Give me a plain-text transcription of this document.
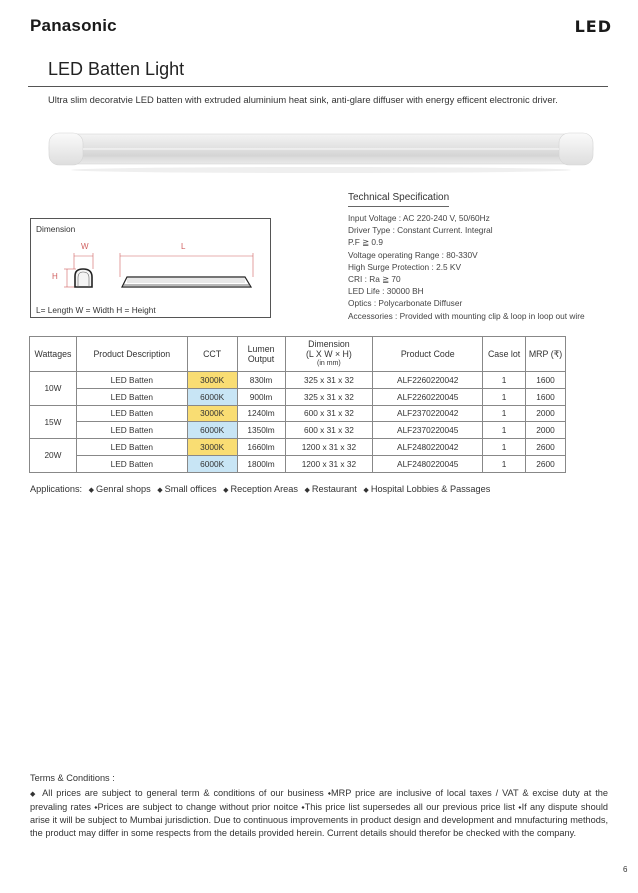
Panasonic	LED
LED Batten Light
Ultra slim decoratvie LED batten with extruded aluminium heat sink, anti-glare diffuser with energy efficent electronic driver.
Technical Specification
Input Voltage : AC 220-240 V, 50/60Hz
Driver Type : Constant Current. Integral
P.F ≧ 0.9
Voltage operating Range : 80-330V
High Surge Protection : 2.5 KV
CRI : Ra ≧ 70
LED Life : 30000 BH
Optics : Polycarbonate Diffuser
Accessories : Provided with mounting clip & loop in loop out wire
Dimension
W	L
H
L= Length W = Width H = Height
Wattages	Product Description	CCT	Lumen
Output	Dimension
(L X W × H)
(in mm)	Product Code	Case lot	MRP (₹)
10W	LED Batten	3000K	830lm	325 x 31 x 32	ALF2260220042	1	1600
	LED Batten	6000K	900lm	325 x 31 x 32	ALF2260220045	1	1600
15W	LED Batten	3000K	1240lm	600 x 31 x 32	ALF2370220042	1	2000
	LED Batten	6000K	1350lm	600 x 31 x 32	ALF2370220045	1	2000
20W	LED Batten	3000K	1660lm	1200 x 31 x 32	ALF2480220042	1	2600
	LED Batten	6000K	1800lm	1200 x 31 x 32	ALF2480220045	1	2600
Applications: ◆ Genral shops ◆ Small offices ◆ Reception Areas ◆ Restaurant ◆ Hospital Lobbies & Passages
Terms & Conditions :
◆ All prices are subject to general term & conditions of our business ⬩MRP price are inclusive of local taxes / VAT & excise duty at the prevaling rates ⬩Prices are subject to change without prior noitce ⬩This price list supersedes all our previous price list ⬩If any dispute should arise it will be subject to Mumbai jurisdiction. Due to continuous improvements in product design and development and mnufacturing methods, the product may differ in some respects from the details provided herein. Current details should therefor be checked with the company.
6
